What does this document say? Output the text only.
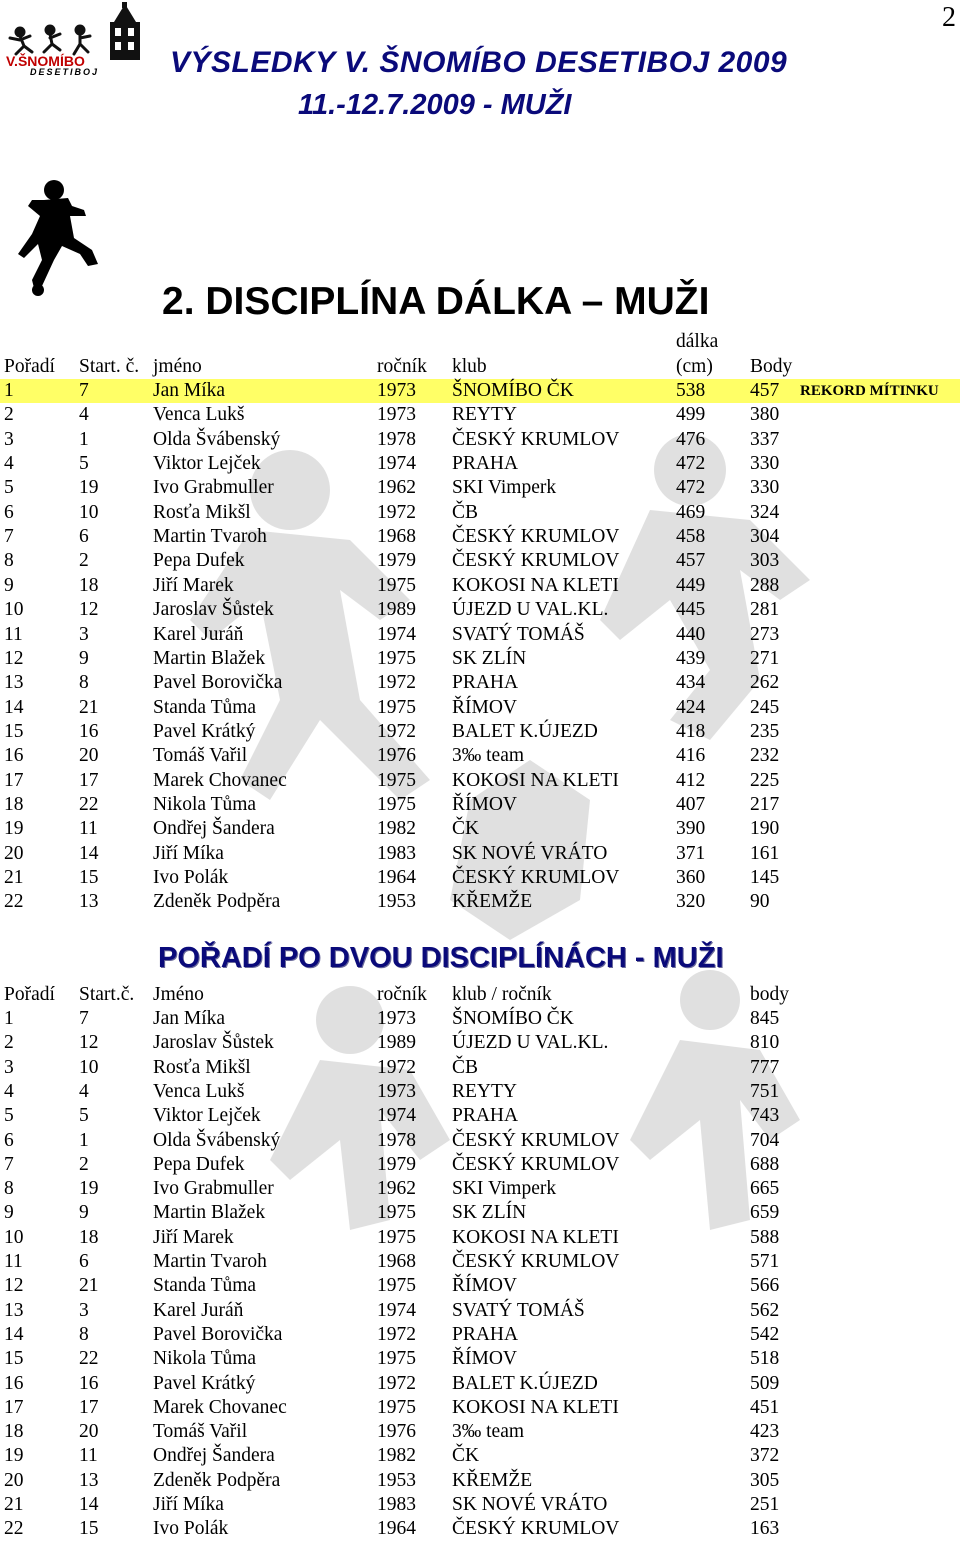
2
V.ŠNOMÍBO
DESETIBOJ VÝSLEDKY V. ŠNOMÍBO DESETIBOJ 2009
11.-12.7.2009 - MUŽI
2. DISCIPLÍNA DÁLKA – MUŽI
dálka
Pořadí Start. č. jméno	ročník klub	(cm) Body
1	7	Jan Míka	1973 ŠNOMÍBO ČK	538 457 REKORD MÍTINKU
2	4	Venca Lukš	1973 REYTY	499 380
3	1	Olda Švábenský	1978 ČESKÝ KRUMLOV	476 337
4	5	Viktor Lejček	1974 PRAHA	472 330
5	19	Ivo Grabmuller	1962 SKI Vimperk	472 330
6	10	Rosťa Mikšl	1972 ČB	469 324
7	6	Martin Tvaroh	1968 ČESKÝ KRUMLOV	458 304
8	2	Pepa Dufek	1979 ČESKÝ KRUMLOV	457 303
9	18	Jiří Marek	1975 KOKOSI NA KLETI	449 288
10	12	Jaroslav Šůstek	1989 ÚJEZD U VAL.KL.	445 281
11	3	Karel Juráň	1974 SVATÝ TOMÁŠ	440 273
12	9	Martin Blažek	1975 SK ZLÍN	439 271
13	8	Pavel Borovička	1972 PRAHA	434 262
14	21	Standa Tůma	1975 ŘÍMOV	424 245
15	16	Pavel Krátký	1972 BALET K.ÚJEZD	418 235
16	20	Tomáš Vařil	1976 3‰ team	416 232
17	17	Marek Chovanec	1975 KOKOSI NA KLETI	412 225
18	22	Nikola Tůma	1975 ŘÍMOV	407 217
19	11	Ondřej Šandera	1982 ČK	390 190
20	14	Jiří Míka	1983 SK NOVÉ VRÁTO	371 161
21	15	Ivo Polák	1964 ČESKÝ KRUMLOV	360 145
22	13	Zdeněk Podpěra	1953 KŘEMŽE	320 90
POŘADÍ PO DVOU DISCIPLÍNÁCH - MUŽI
Pořadí Start.č. Jméno	ročník klub / ročník	body
1	7	Jan Míka	1973 ŠNOMÍBO ČK	845
2	12	Jaroslav Šůstek	1989 ÚJEZD U VAL.KL.	810
3	10	Rosťa Mikšl	1972 ČB	777
4	4	Venca Lukš	1973 REYTY	751
5	5	Viktor Lejček	1974 PRAHA	743
6	1	Olda Švábenský	1978 ČESKÝ KRUMLOV	704
7	2	Pepa Dufek	1979 ČESKÝ KRUMLOV	688
8	19	Ivo Grabmuller	1962 SKI Vimperk	665
9	9	Martin Blažek	1975 SK ZLÍN	659
10	18	Jiří Marek	1975 KOKOSI NA KLETI	588
11	6	Martin Tvaroh	1968 ČESKÝ KRUMLOV	571
12	21	Standa Tůma	1975 ŘÍMOV	566
13	3	Karel Juráň	1974 SVATÝ TOMÁŠ	562
14	8	Pavel Borovička	1972 PRAHA	542
15	22	Nikola Tůma	1975 ŘÍMOV	518
16	16	Pavel Krátký	1972 BALET K.ÚJEZD	509
17	17	Marek Chovanec	1975 KOKOSI NA KLETI	451
18	20	Tomáš Vařil	1976 3‰ team	423
19	11	Ondřej Šandera	1982 ČK	372
20	13	Zdeněk Podpěra	1953 KŘEMŽE	305
21	14	Jiří Míka	1983 SK NOVÉ VRÁTO	251
22	15	Ivo Polák	1964 ČESKÝ KRUMLOV	163
